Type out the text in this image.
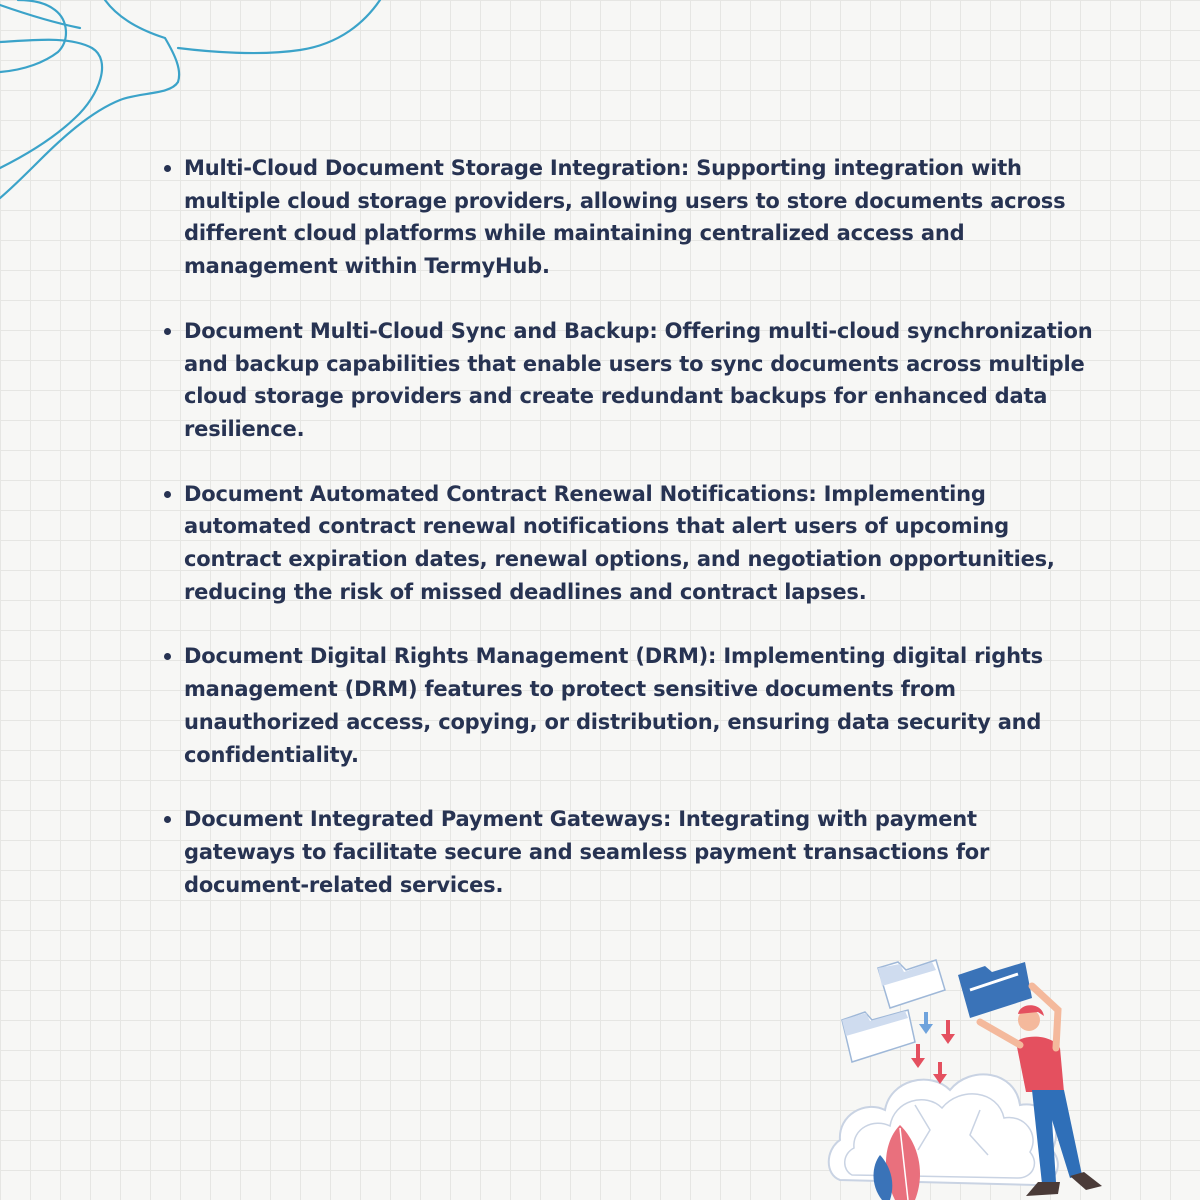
Multi-Cloud Document Storage Integration: Supporting integration with multiple cloud storage providers, allowing users to store documents across different cloud platforms while maintaining centralized access and management within TermyHub.
Document Multi-Cloud Sync and Backup: Offering multi-cloud synchronization and backup capabilities that enable users to sync documents across multiple cloud storage providers and create redundant backups for enhanced data resilience.
Document Automated Contract Renewal Notifications: Implementing automated contract renewal notifications that alert users of upcoming contract expiration dates, renewal options, and negotiation opportunities, reducing the risk of missed deadlines and contract lapses.
Document Digital Rights Management (DRM): Implementing digital rights management (DRM) features to protect sensitive documents from unauthorized access, copying, or distribution, ensuring data security and confidentiality.
Document Integrated Payment Gateways: Integrating with payment gateways to facilitate secure and seamless payment transactions for document-related services.
